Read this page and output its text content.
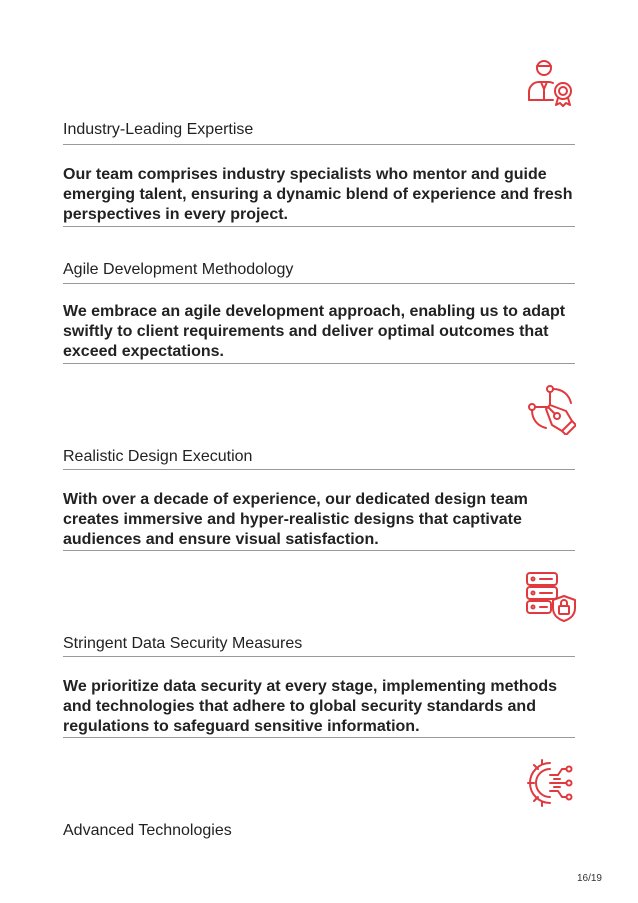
Industry-Leading Expertise
Our team comprises industry specialists who mentor and guide emerging talent, ensuring a dynamic blend of experience and fresh perspectives in every project.
Agile Development Methodology
We embrace an agile development approach, enabling us to adapt swiftly to client requirements and deliver optimal outcomes that exceed expectations.
Realistic Design Execution
With over a decade of experience, our dedicated design team creates immersive and hyper-realistic designs that captivate audiences and ensure visual satisfaction.
Stringent Data Security Measures
We prioritize data security at every stage, implementing methods and technologies that adhere to global security standards and regulations to safeguard sensitive information.
Advanced Technologies
16/19
